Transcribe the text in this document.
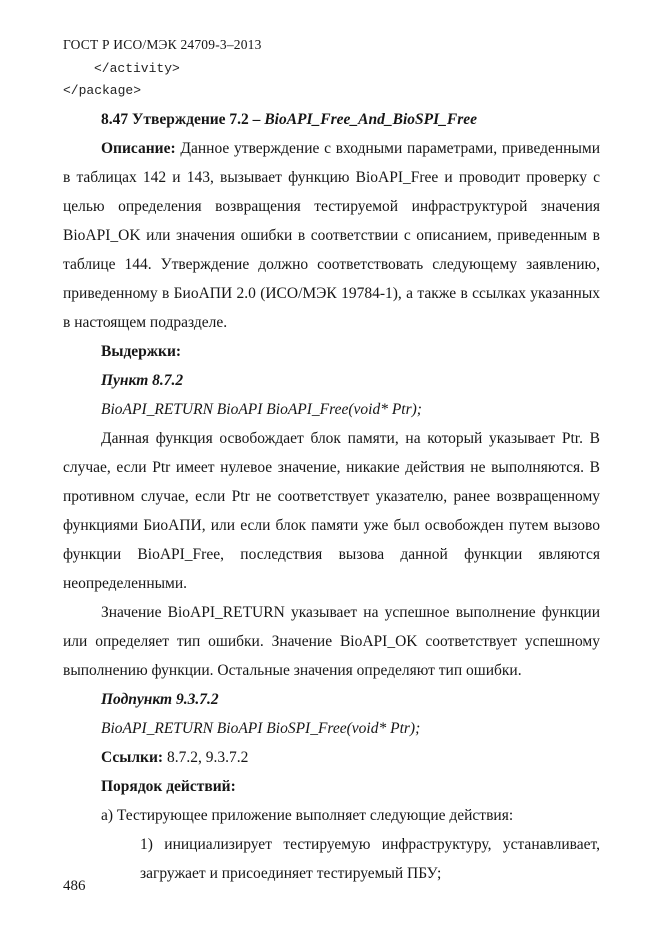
ГОСТ Р ИСО/МЭК 24709-3–2013
</activity>
</package>

8.47 Утверждение 7.2 – BioAPI_Free_And_BioSPI_Free

Описание: Данное утверждение с входными параметрами, приведенными в таблицах 142 и 143, вызывает функцию BioAPI_Free и проводит проверку с целью определения возвращения тестируемой инфраструктурой значения BioAPI_OK или значения ошибки в соответствии с описанием, приведенным в таблице 144. Утверждение должно соответствовать следующему заявлению, приведенному в БиоАПИ 2.0 (ИСО/МЭК 19784-1), а также в ссылках указанных в настоящем подразделе.

Выдержки:

Пункт 8.7.2

BioAPI_RETURN BioAPI BioAPI_Free(void* Ptr);

Данная функция освобождает блок памяти, на который указывает Ptr. В случае, если Ptr имеет нулевое значение, никакие действия не выполняются. В противном случае, если Ptr не соответствует указателю, ранее возвращенному функциями БиоАПИ, или если блок памяти уже был освобожден путем вызово функции BioAPI_Free, последствия вызова данной функции являются неопределенными.

Значение BioAPI_RETURN указывает на успешное выполнение функции или определяет тип ошибки. Значение BioAPI_OK соответствует успешному выполнению функции. Остальные значения определяют тип ошибки.

Подпункт 9.3.7.2

BioAPI_RETURN BioAPI BioSPI_Free(void* Ptr);

Ссылки: 8.7.2, 9.3.7.2

Порядок действий:

а) Тестирующее приложение выполняет следующие действия:

1) инициализирует тестируемую инфраструктуру, устанавливает, загружает и присоединяет тестируемый ПБУ;

486
